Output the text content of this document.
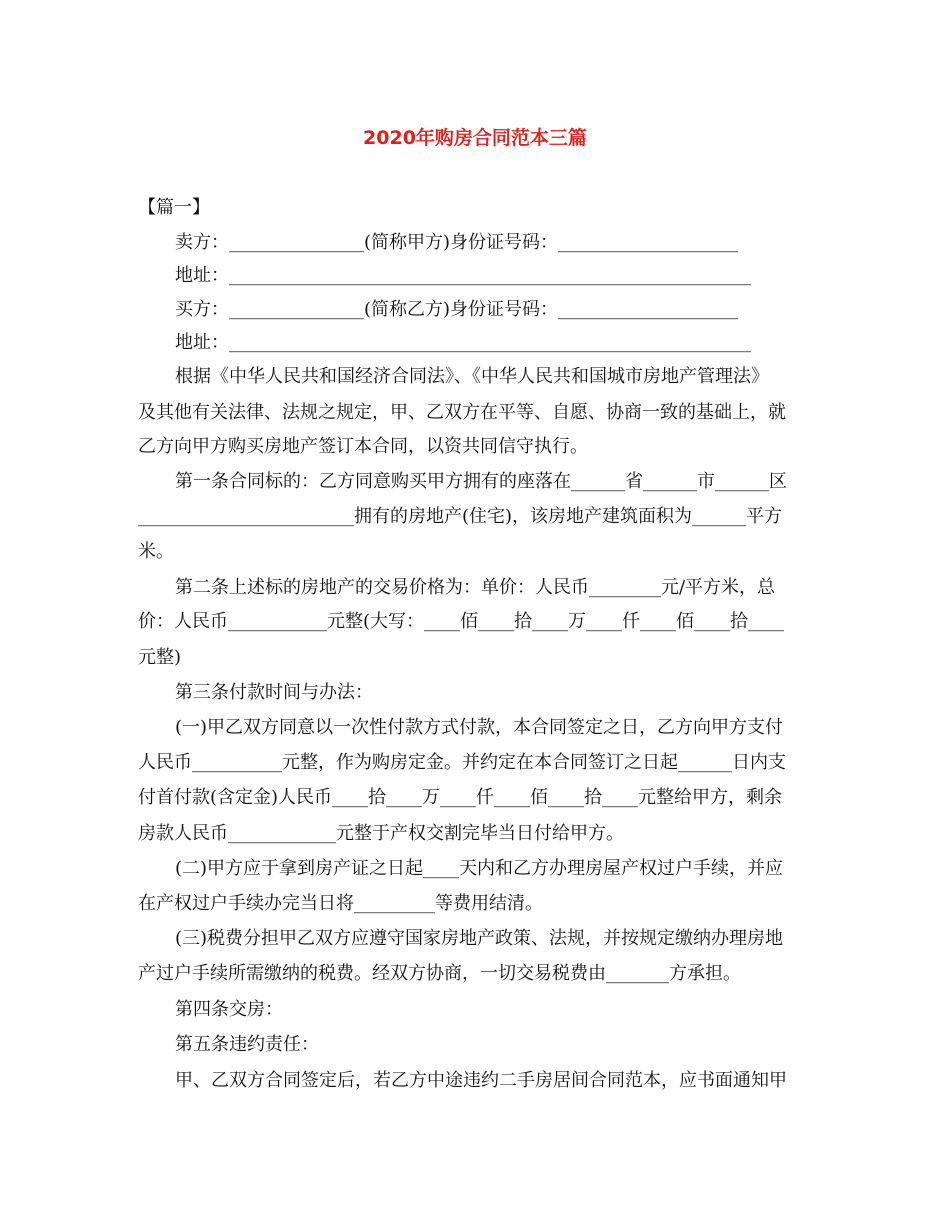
2020年购房合同范本三篇
【篇一】
卖方：_______________(简称甲方)身份证号码：____________________
地址：__________________________________________________________
买方：_______________(简称乙方)身份证号码：____________________
地址：__________________________________________________________
根据《中华人民共和国经济合同法》、《中华人民共和国城市房地产管理法》
及其他有关法律、法规之规定，甲、乙双方在平等、自愿、协商一致的基础上，就
乙方向甲方购买房地产签订本合同，以资共同信守执行。
第一条合同标的：乙方同意购买甲方拥有的座落在______省______市______区
________________________拥有的房地产(住宅)，该房地产建筑面积为______平方
米。
第二条上述标的房地产的交易价格为：单价：人民币________元/平方米，总
价：人民币___________元整(大写：____佰____拾____万____仟____佰____拾____
元整)
第三条付款时间与办法：
(一)甲乙双方同意以一次性付款方式付款，本合同签定之日，乙方向甲方支付
人民币__________元整，作为购房定金。并约定在本合同签订之日起______日内支
付首付款(含定金)人民币____拾____万____仟____佰____拾____元整给甲方，剩余
房款人民币____________元整于产权交割完毕当日付给甲方。
(二)甲方应于拿到房产证之日起____天内和乙方办理房屋产权过户手续，并应
在产权过户手续办完当日将_________等费用结清。
(三)税费分担甲乙双方应遵守国家房地产政策、法规，并按规定缴纳办理房地
产过户手续所需缴纳的税费。经双方协商，一切交易税费由_______方承担。
第四条交房：
第五条违约责任：
甲、乙双方合同签定后，若乙方中途违约二手房居间合同范本，应书面通知甲
